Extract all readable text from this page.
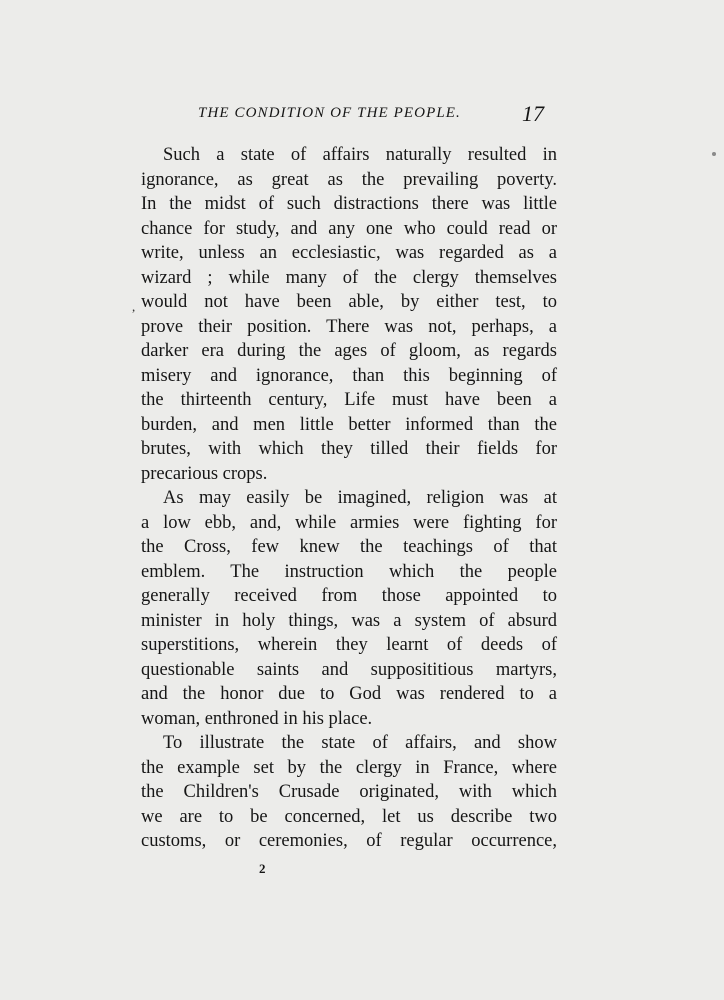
THE CONDITION OF THE PEOPLE.	17
Such a state of affairs naturally resulted in
ignorance, as great as the prevailing poverty.
In the midst of such distractions there was little
chance for study, and any one who could read or
write, unless an ecclesiastic, was regarded as a
wizard ; while many of the clergy themselves
would not have been able, by either test, to
prove their position. There was not, perhaps, a
darker era during the ages of gloom, as regards
misery and ignorance, than this beginning of
the thirteenth century, Life must have been a
burden, and men little better informed than the
brutes, with which they tilled their fields for
precarious crops.
As may easily be imagined, religion was at
a low ebb, and, while armies were fighting for
the Cross, few knew the teachings of that
emblem. The instruction which the people
generally received from those appointed to
minister in holy things, was a system of absurd
superstitions, wherein they learnt of deeds of
questionable saints and supposititious martyrs,
and the honor due to God was rendered to a
woman, enthroned in his place.
To illustrate the state of affairs, and show
the example set by the clergy in France, where
the Children's Crusade originated, with which
we are to be concerned, let us describe two
customs, or ceremonies, of regular occurrence,
2
,
